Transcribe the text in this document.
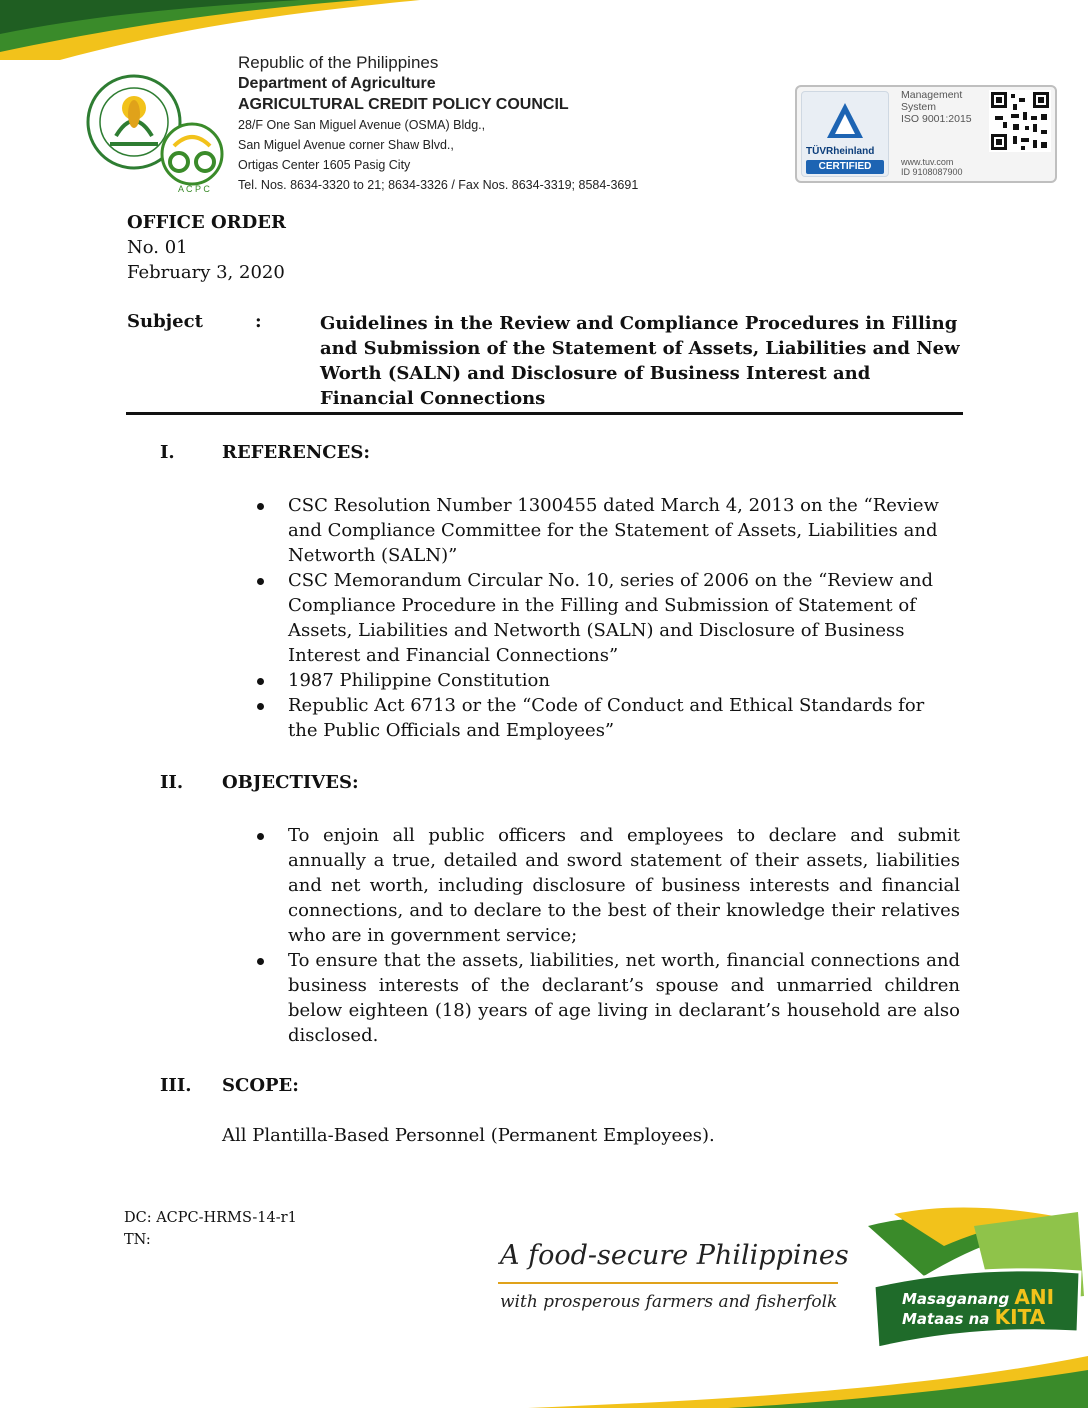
A C P C
Republic of the Philippines
Department of Agriculture
AGRICULTURAL CREDIT POLICY COUNCIL
28/F One San Miguel Avenue (OSMA) Bldg.,
San Miguel Avenue corner Shaw Blvd.,
Ortigas Center 1605 Pasig City
Tel. Nos. 8634-3320 to 21; 8634-3326 / Fax Nos. 8634-3319; 8584-3691
TÜVRheinland
CERTIFIED
Management
System
ISO 9001:2015
www.tuv.com
ID 9108087900
OFFICE ORDER
No. 01
February 3, 2020
Subject	:	Guidelines in the Review and Compliance Procedures in Filling and Submission of the Statement of Assets, Liabilities and New Worth (SALN) and Disclosure of Business Interest and Financial Connections
I.	REFERENCES:
CSC Resolution Number 1300455 dated March 4, 2013 on the “Review and Compliance Committee for the Statement of Assets, Liabilities and Networth (SALN)”
CSC Memorandum Circular No. 10, series of 2006 on the “Review and Compliance Procedure in the Filling and Submission of Statement of Assets, Liabilities and Networth (SALN) and Disclosure of Business Interest and Financial Connections”
1987 Philippine Constitution
Republic Act 6713 or the “Code of Conduct and Ethical Standards for the Public Officials and Employees”
II. OBJECTIVES:
To enjoin all public officers and employees to declare and submit annually a true, detailed and sword statement of their assets, liabilities and net worth, including disclosure of business interests and financial connections, and to declare to the best of their knowledge their relatives who are in government service;
To ensure that the assets, liabilities, net worth, financial connections and business interests of the declarant’s spouse and unmarried children below eighteen (18) years of age living in declarant’s household are also disclosed.
III. SCOPE:
All Plantilla-Based Personnel (Permanent Employees).
DC: ACPC-HRMS-14-r1
TN:	A food-secure Philippines
with prosperous farmers and fisherfolk	Masaganang ANI
Mataas na KITA
